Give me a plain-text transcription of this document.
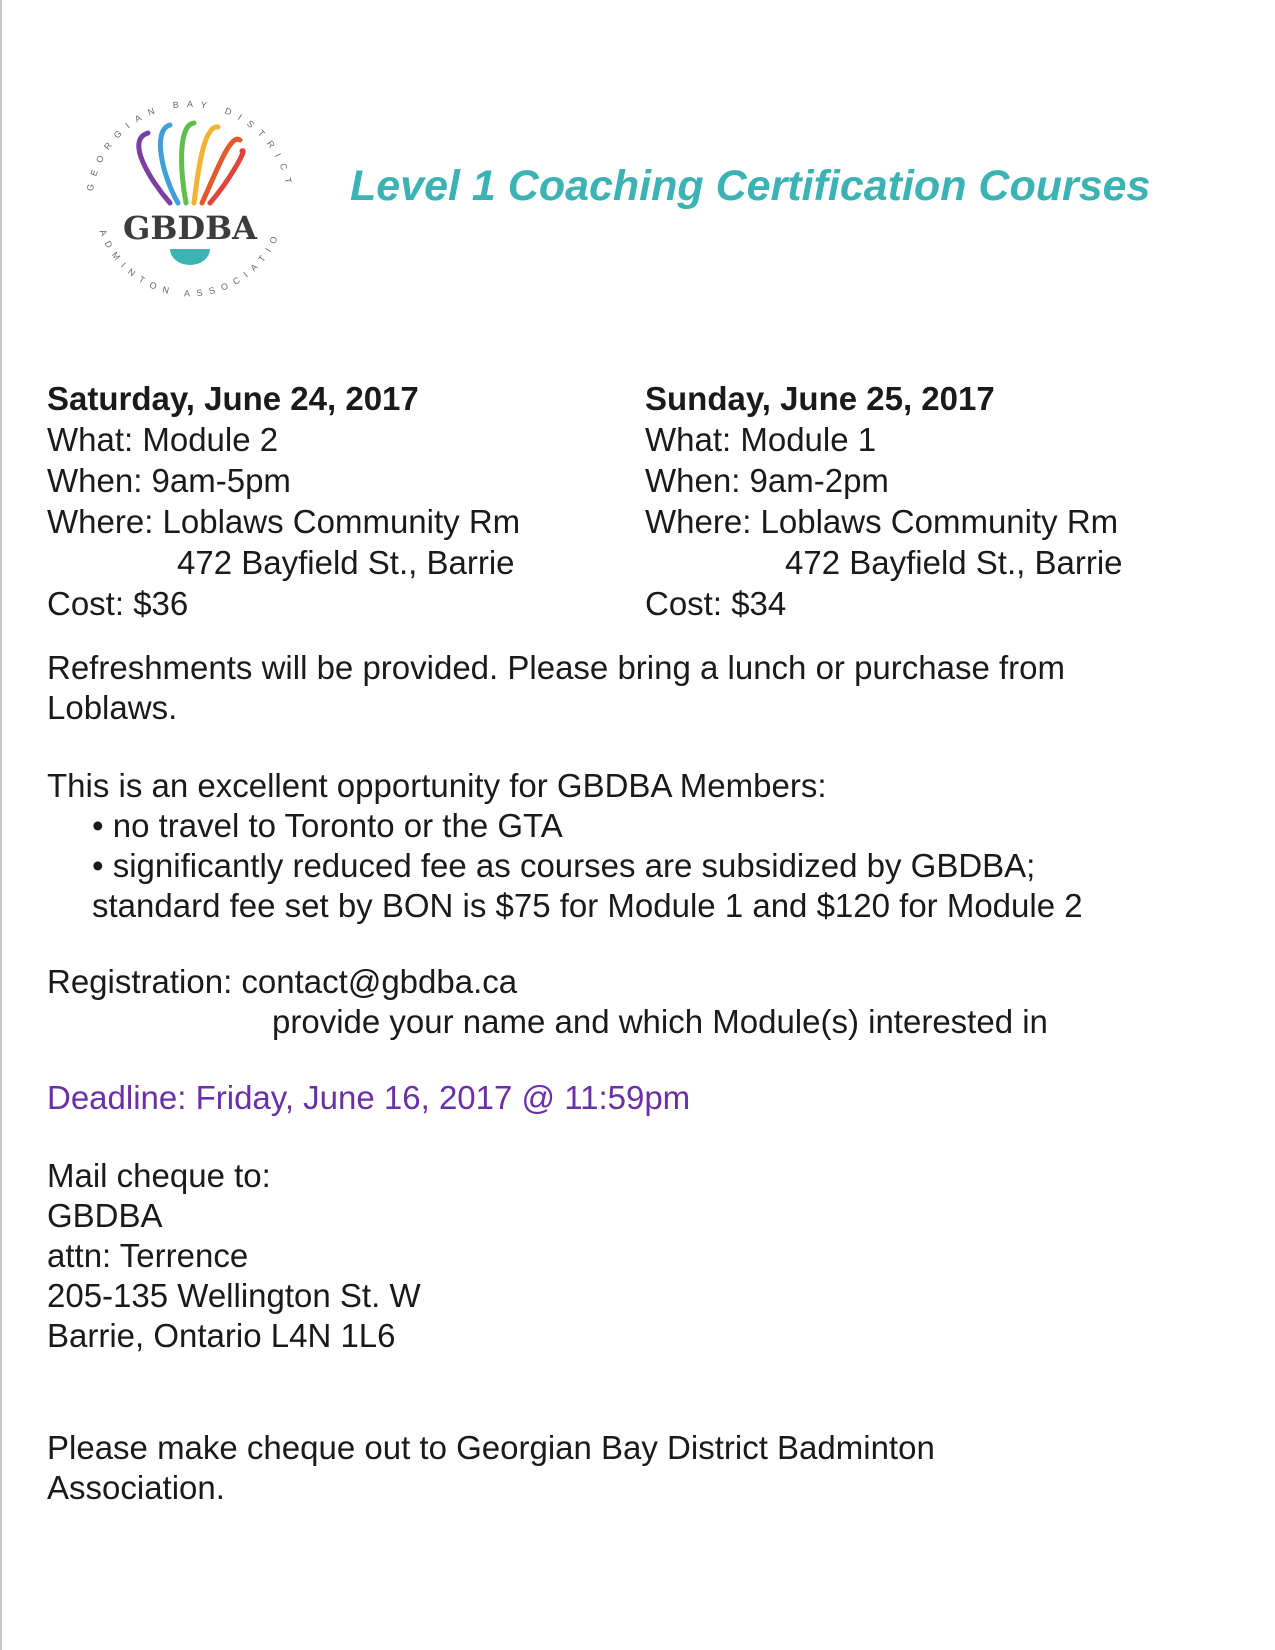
GEORGIAN BAY DISTRICT
ADMINTON ASSOCIATIO
GBDBA
Level 1 Coaching Certification Courses
Saturday, June 24, 2017
What: Module 2
When: 9am-5pm
Where: Loblaws Community Rm
472 Bayfield St., Barrie
Cost: $36
Sunday, June 25, 2017
What: Module 1
When: 9am-2pm
Where: Loblaws Community Rm
472 Bayfield St., Barrie
Cost: $34
Refreshments will be provided. Please bring a lunch or purchase from
Loblaws.
This is an excellent opportunity for GBDBA Members:
• no travel to Toronto or the GTA
• significantly reduced fee as courses are subsidized by GBDBA;
standard fee set by BON is $75 for Module 1 and $120 for Module 2
Registration: contact@gbdba.ca
provide your name and which Module(s) interested in
Deadline: Friday, June 16, 2017 @ 11:59pm
Mail cheque to:
GBDBA
attn: Terrence
205-135 Wellington St. W
Barrie, Ontario L4N 1L6
Please make cheque out to Georgian Bay District Badminton
Association.
